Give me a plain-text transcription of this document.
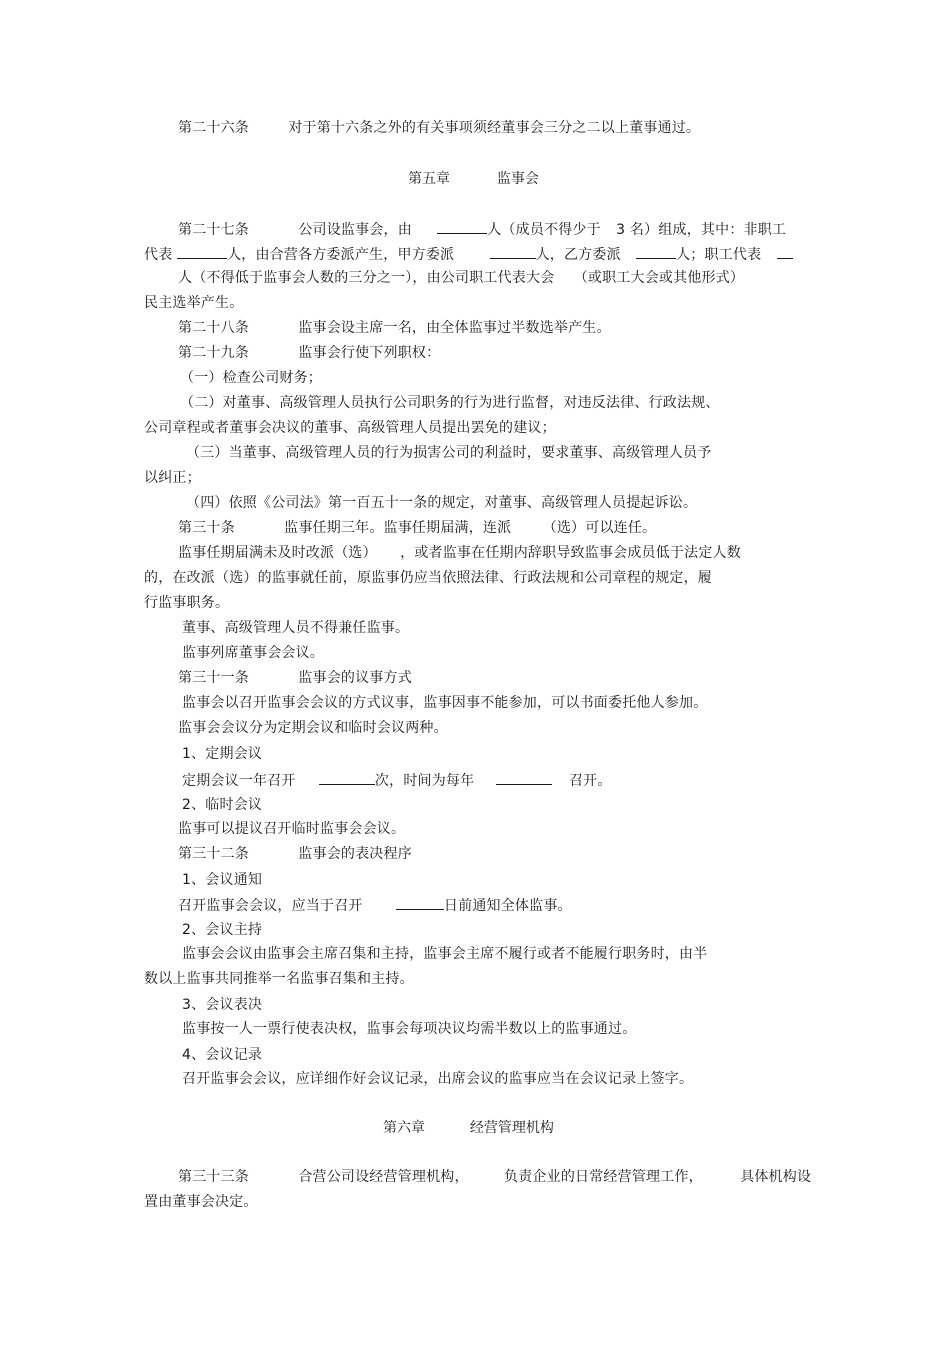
第二十六条	对于第十六条之外的有关事项须经董事会三分之二以上董事通过。
第五章	监事会
第二十七条	公司设监事会，由	人（成员不得少于 3 名）组成，其中：非职工
代表	人，由合营各方委派产生，甲方委派	人，乙方委派	人；职工代表
人（不得低于监事会人数的三分之一），由公司职工代表大会 （或职工大会或其他形式）
民主选举产生。
第二十八条	监事会设主席一名，由全体监事过半数选举产生。
第二十九条	监事会行使下列职权：
（一）检查公司财务；
（二）对董事、高级管理人员执行公司职务的行为进行监督，对违反法律、行政法规、
公司章程或者董事会决议的董事、高级管理人员提出罢免的建议；
（三）当董事、高级管理人员的行为损害公司的利益时，要求董事、高级管理人员予
以纠正；
（四）依照《公司法》第一百五十一条的规定，对董事、高级管理人员提起诉讼。
第三十条	监事任期三年。监事任期届满，连派 （选）可以连任。
监事任期届满未及时改派（选） ，或者监事在任期内辞职导致监事会成员低于法定人数
的，在改派（选）的监事就任前，原监事仍应当依照法律、行政法规和公司章程的规定，履
行监事职务。
董事、高级管理人员不得兼任监事。
监事列席董事会会议。
第三十一条	监事会的议事方式
监事会以召开监事会会议的方式议事，监事因事不能参加，可以书面委托他人参加。
监事会会议分为定期会议和临时会议两种。
1、定期会议
定期会议一年召开	次，时间为每年	召开。
2、临时会议
监事可以提议召开临时监事会会议。
第三十二条	监事会的表决程序
1、会议通知
召开监事会会议，应当于召开	日前通知全体监事。
2、会议主持
监事会会议由监事会主席召集和主持，监事会主席不履行或者不能履行职务时，由半
数以上监事共同推举一名监事召集和主持。
3、会议表决
监事按一人一票行使表决权，监事会每项决议均需半数以上的监事通过。
4、会议记录
召开监事会会议，应详细作好会议记录，出席会议的监事应当在会议记录上签字。
第六章	经营管理机构
第三十三条	合营公司设经营管理机构，	负责企业的日常经营管理工作，	具体机构设
置由董事会决定。
